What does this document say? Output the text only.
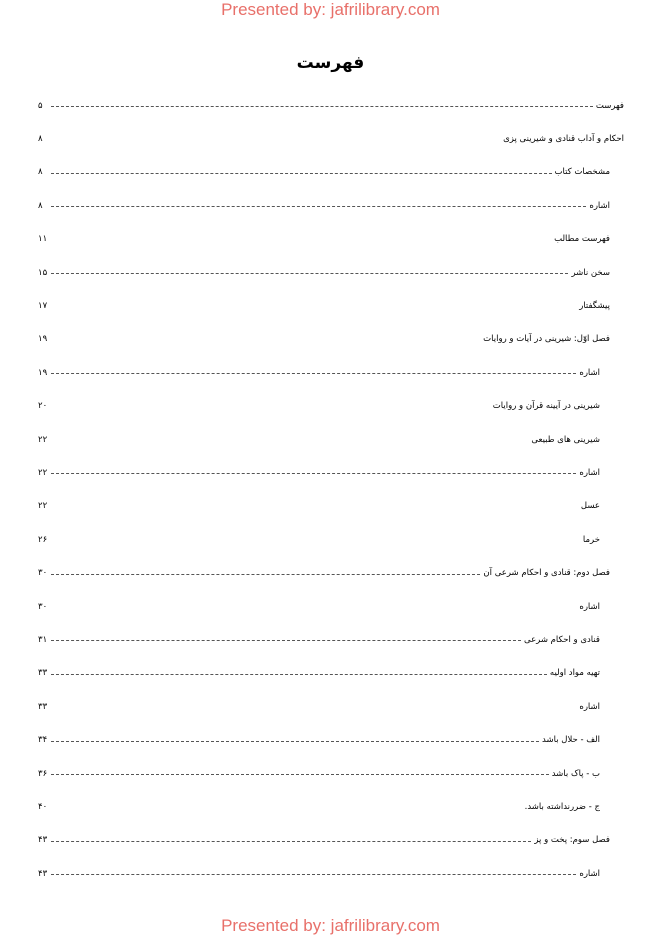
Presented by: jafrilibrary.com
فهرست
فهرست
۵
احکام و آداب قنادی و شیرینی پزی
۸
مشخصات کتاب
۸
اشاره
۸
فهرست مطالب
۱۱
سخن ناشر
۱۵
پیشگفتار
۱۷
فصل اوّل: شیرینی در آیات و روایات
۱۹
اشاره
۱۹
شیرینی در آیینه قرآن و روایات
۲۰
شیرینی های طبیعی
۲۲
اشاره
۲۲
عسل
۲۲
خرما
۲۶
فصل دوم: قنادی و احکام شرعی آن
۳۰
اشاره
۳۰
قنادی و احکام شرعی
۳۱
تهیه مواد اولیه
۳۳
اشاره
۳۳
الف - حلال باشد
۳۴
ب - پاک باشد
۳۶
ج - ضررنداشته باشد.
۴۰
فصل سوم: پخت و پز
۴۳
اشاره
۴۳
Presented by: jafrilibrary.com
